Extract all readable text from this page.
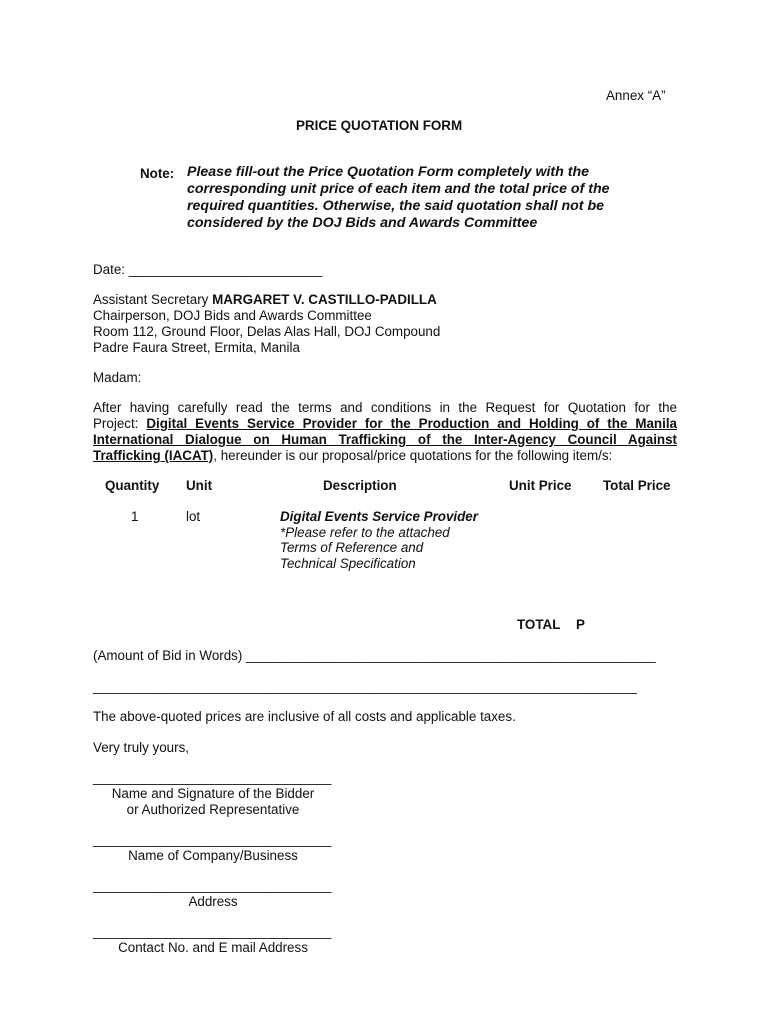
Annex “A”
PRICE QUOTATION FORM
Note: Please fill-out the Price Quotation Form completely with the
corresponding unit price of each item and the total price of the
required quantities. Otherwise, the said quotation shall not be
considered by the DOJ Bids and Awards Committee
Date: __________________________
Assistant Secretary MARGARET V. CASTILLO-PADILLA
Chairperson, DOJ Bids and Awards Committee
Room 112, Ground Floor, Delas Alas Hall, DOJ Compound
Padre Faura Street, Ermita, Manila
Madam:
After having carefully read the terms and conditions in the Request for Quotation for the
Project: Digital Events Service Provider for the Production and Holding of the Manila
International Dialogue on Human Trafficking of the Inter-Agency Council Against
Trafficking (IACAT), hereunder is our proposal/price quotations for the following item/s:
Quantity Unit	Description	Unit Price Total Price
1	lot	Digital Events Service Provider
*Please refer to the attached
Terms of Reference and
Technical Specification
TOTAL P
(Amount of Bid in Words) _______________________________________________________
_________________________________________________________________________
The above-quoted prices are inclusive of all costs and applicable taxes.
Very truly yours,
________________________________
Name and Signature of the Bidder
or Authorized Representative
________________________________
Name of Company/Business
________________________________
Address
________________________________
Contact No. and E mail Address
